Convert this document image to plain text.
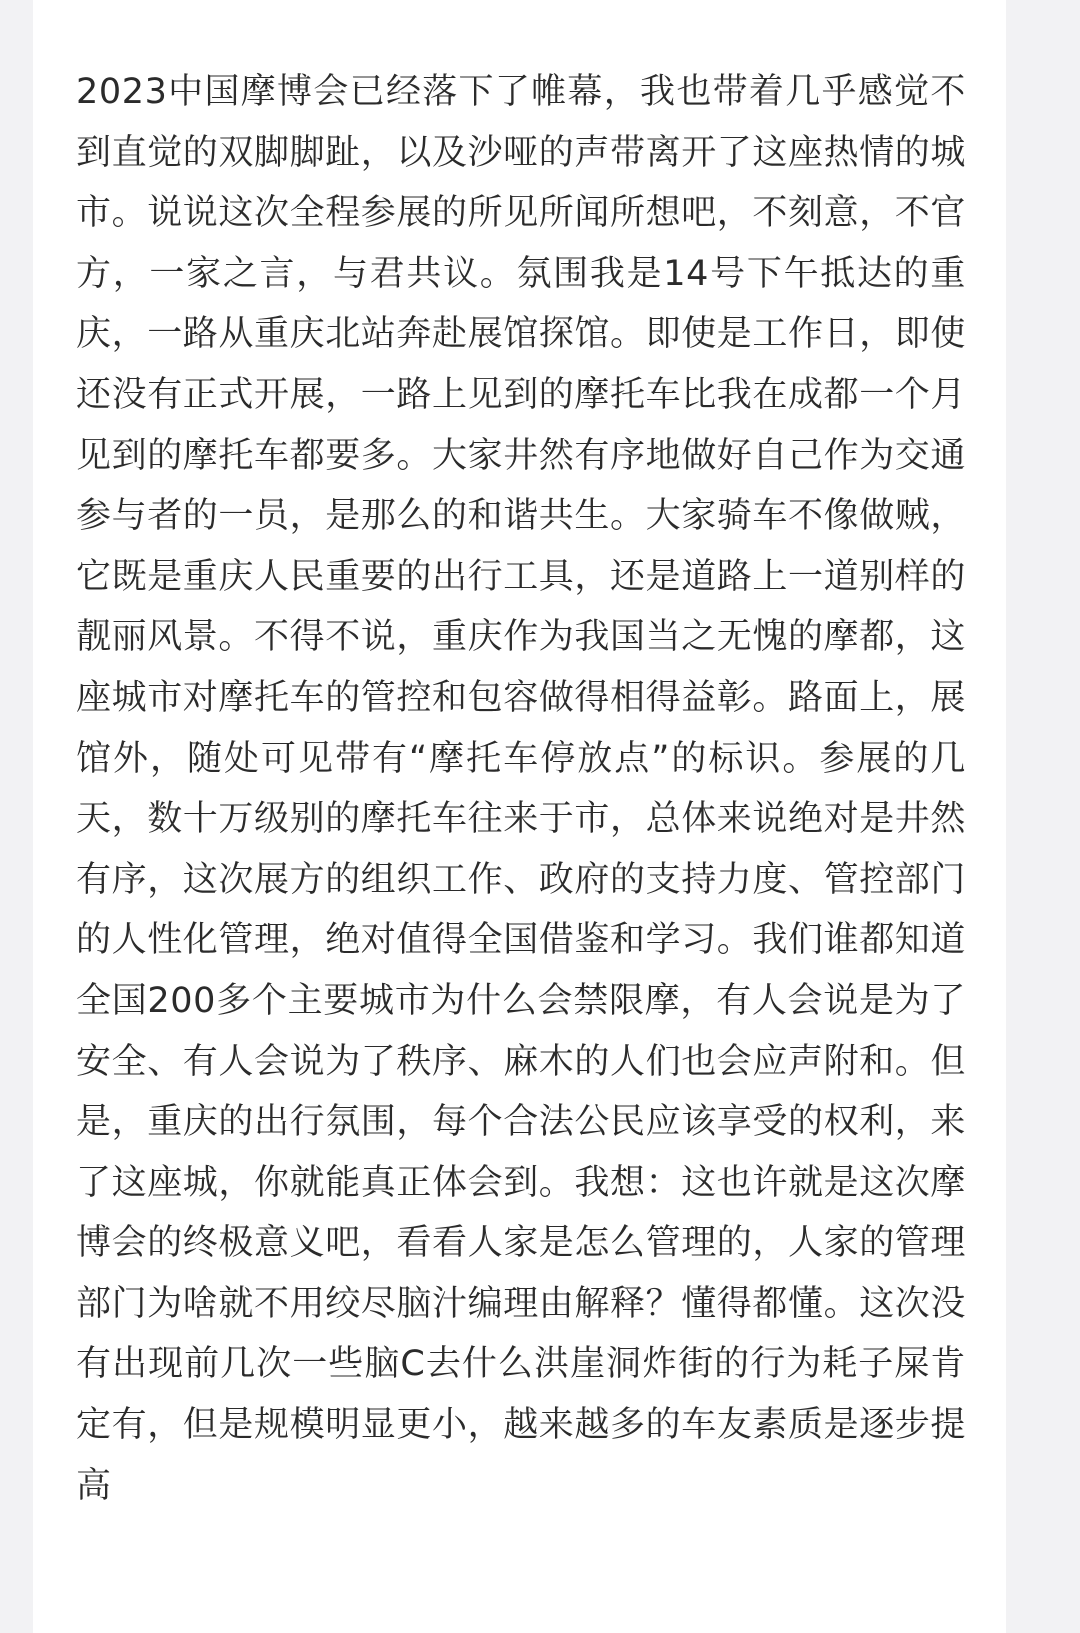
2023中国摩博会已经落下了帷幕，我也带着几乎感觉不到直觉的双脚脚趾，以及沙哑的声带离开了这座热情的城市。说说这次全程参展的所见所闻所想吧，不刻意，不官方，一家之言，与君共议。氛围我是14号下午抵达的重庆，一路从重庆北站奔赴展馆探馆。即使是工作日，即使还没有正式开展，一路上见到的摩托车比我在成都一个月见到的摩托车都要多。大家井然有序地做好自己作为交通参与者的一员，是那么的和谐共生。大家骑车不像做贼，它既是重庆人民重要的出行工具，还是道路上一道别样的靓丽风景。不得不说，重庆作为我国当之无愧的摩都，这座城市对摩托车的管控和包容做得相得益彰。路面上，展馆外，随处可见带有“摩托车停放点”的标识。参展的几天，数十万级别的摩托车往来于市，总体来说绝对是井然有序，这次展方的组织工作、政府的支持力度、管控部门的人性化管理，绝对值得全国借鉴和学习。我们谁都知道全国200多个主要城市为什么会禁限摩，有人会说是为了安全、有人会说为了秩序、麻木的人们也会应声附和。但是，重庆的出行氛围，每个合法公民应该享受的权利，来了这座城，你就能真正体会到。我想：这也许就是这次摩博会的终极意义吧，看看人家是怎么管理的，人家的管理部门为啥就不用绞尽脑汁编理由解释？懂得都懂。这次没有出现前几次一些脑C去什么洪崖洞炸街的行为耗子屎肯定有，但是规模明显更小，越来越多的车友素质是逐步提高
